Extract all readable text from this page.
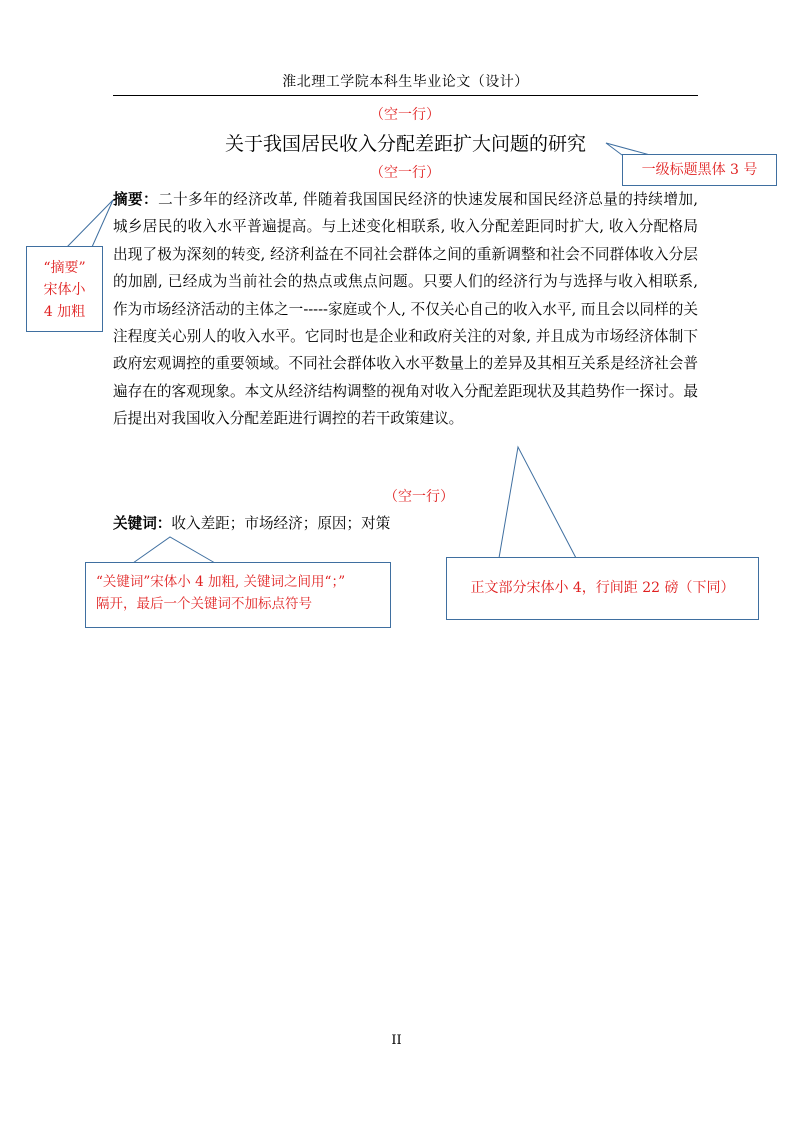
淮北理工学院本科生毕业论文（设计）
（空一行）
关于我国居民收入分配差距扩大问题的研究
（空一行）

摘要：二十多年的经济改革, 伴随着我国国民经济的快速发展和国民经济总量的持续增加, 城乡居民的收入水平普遍提高。与上述变化相联系, 收入分配差距同时扩大, 收入分配格局出现了极为深刻的转变, 经济利益在不同社会群体之间的重新调整和社会不同群体收入分层的加剧, 已经成为当前社会的热点或焦点问题。只要人们的经济行为与选择与收入相联系, 作为市场经济活动的主体之一-----家庭或个人, 不仅关心自己的收入水平, 而且会以同样的关注程度关心别人的收入水平。它同时也是企业和政府关注的对象, 并且成为市场经济体制下政府宏观调控的重要领域。不同社会群体收入水平数量上的差异及其相互关系是经济社会普遍存在的客观现象。本文从经济结构调整的视角对收入分配差距现状及其趋势作一探讨。最后提出对我国收入分配差距进行调控的若干政策建议。

（空一行）
关键词：收入差距；市场经济；原因；对策
一级标题黑体 3 号
“摘要”
宋体小
4 加粗
“关键词”宋体小 4 加粗, 关键词之间用“；”
隔开，最后一个关键词不加标点符号
正文部分宋体小 4，行间距 22 磅（下同）
II
